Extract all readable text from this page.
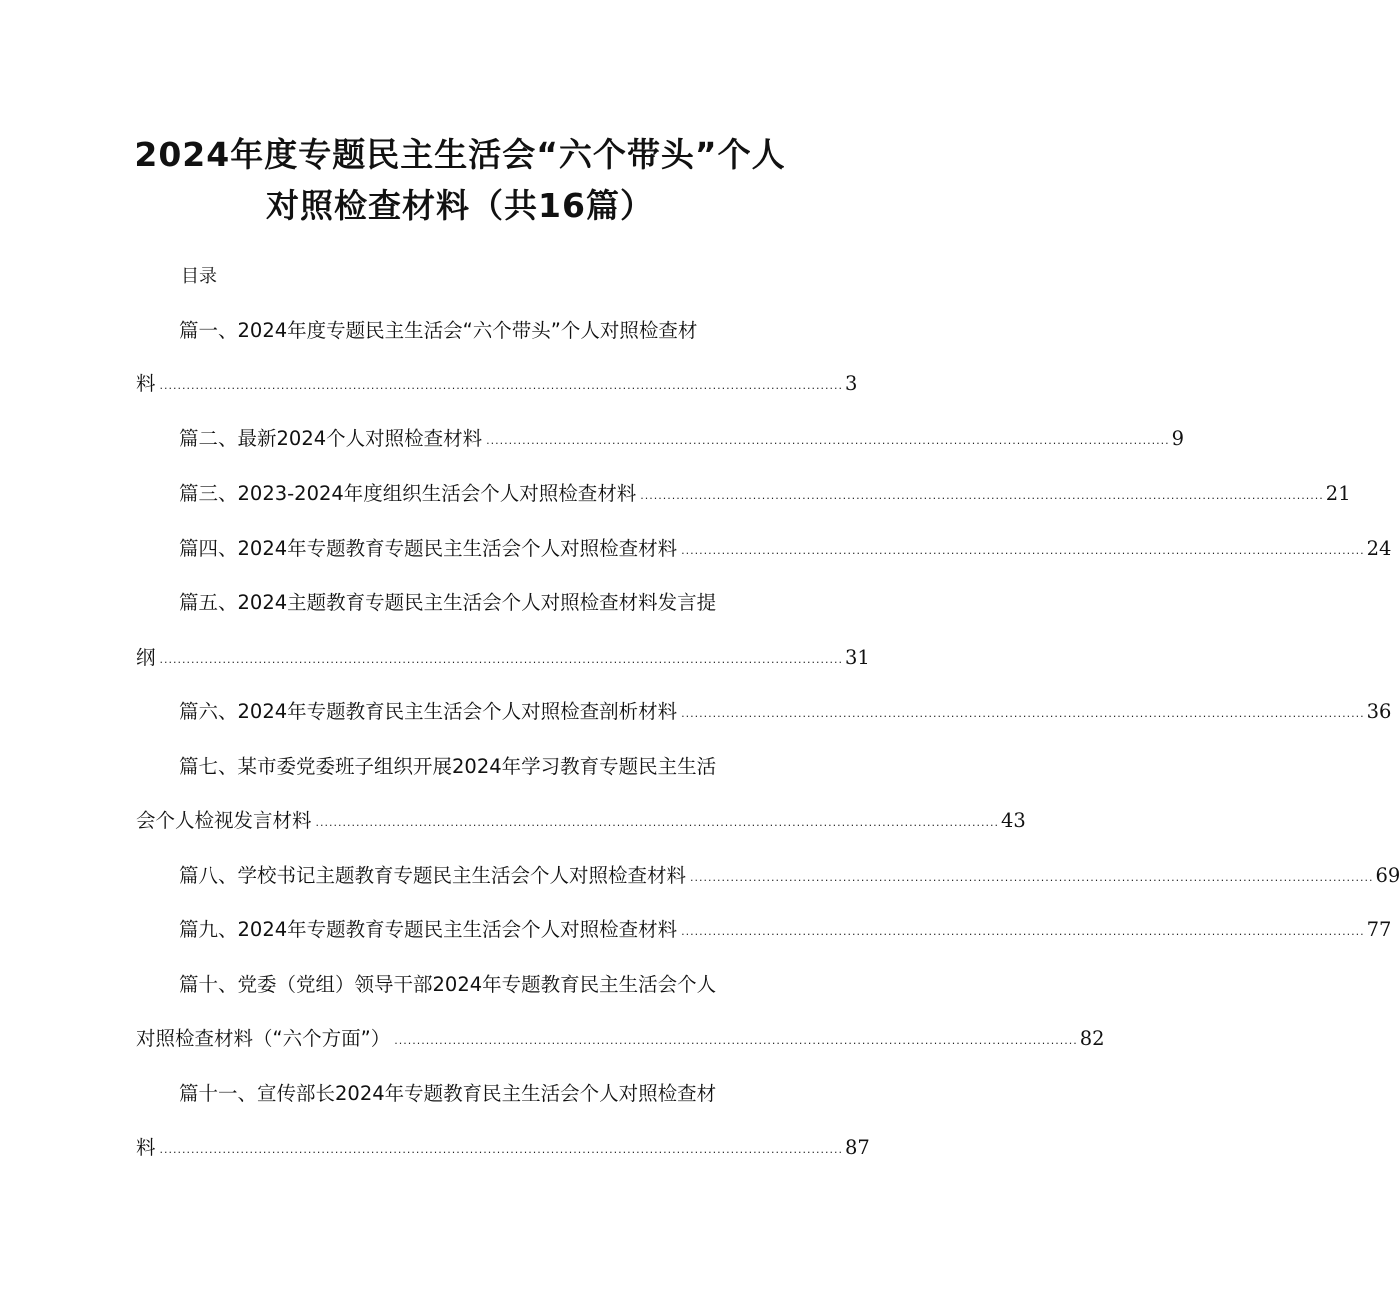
2024年度专题民主生活会“六个带头”个人
对照检查材料（共16篇）
目录
篇一、2024年度专题民主生活会“六个带头”个人对照检查材
料 ........................................................................................................................................................ 3
篇二、最新2024个人对照检查材料 ........................................................................................................................................................ 9
篇三、2023-2024年度组织生活会个人对照检查材料 ........................................................................................................................................................ 21
篇四、2024年专题教育专题民主生活会个人对照检查材料 ........................................................................................................................................................ 24
篇五、2024主题教育专题民主生活会个人对照检查材料发言提
纲 ........................................................................................................................................................ 31
篇六、2024年专题教育民主生活会个人对照检查剖析材料 ........................................................................................................................................................ 36
篇七、某市委党委班子组织开展2024年学习教育专题民主生活
会个人检视发言材料 ........................................................................................................................................................ 43
篇八、学校书记主题教育专题民主生活会个人对照检查材料 ........................................................................................................................................................ 69
篇九、2024年专题教育专题民主生活会个人对照检查材料 ........................................................................................................................................................ 77
篇十、党委（党组）领导干部2024年专题教育民主生活会个人
对照检查材料（“六个方面”） ........................................................................................................................................................ 82
篇十一、宣传部长2024年专题教育民主生活会个人对照检查材
料 ........................................................................................................................................................ 87
